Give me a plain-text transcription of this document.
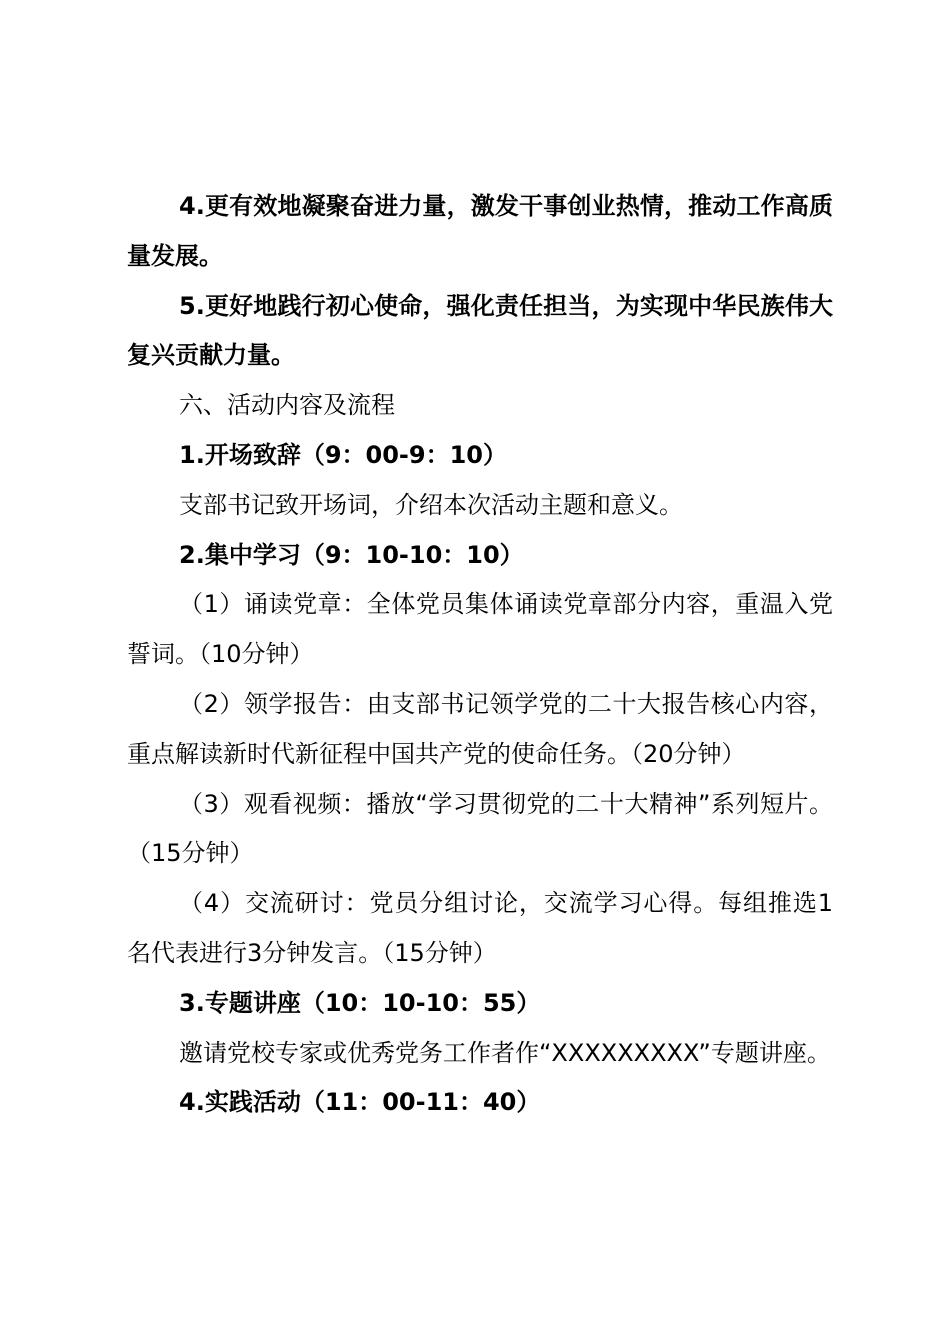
4.更有效地凝聚奋进力量，激发干事创业热情，推动工作高质量发展。

5.更好地践行初心使命，强化责任担当，为实现中华民族伟大复兴贡献力量。

六、活动内容及流程

1.开场致辞（9：00-9：10）

支部书记致开场词，介绍本次活动主题和意义。

2.集中学习（9：10-10：10）

（1）诵读党章：全体党员集体诵读党章部分内容，重温入党誓词。（10分钟）

（2）领学报告：由支部书记领学党的二十大报告核心内容，重点解读新时代新征程中国共产党的使命任务。（20分钟）

（3）观看视频：播放“学习贯彻党的二十大精神”系列短片。（15分钟）

（4）交流研讨：党员分组讨论，交流学习心得。每组推选1名代表进行3分钟发言。（15分钟）

3.专题讲座（10：10-10：55）

邀请党校专家或优秀党务工作者作“XXXXXXXXX”专题讲座。

4.实践活动（11：00-11：40）
